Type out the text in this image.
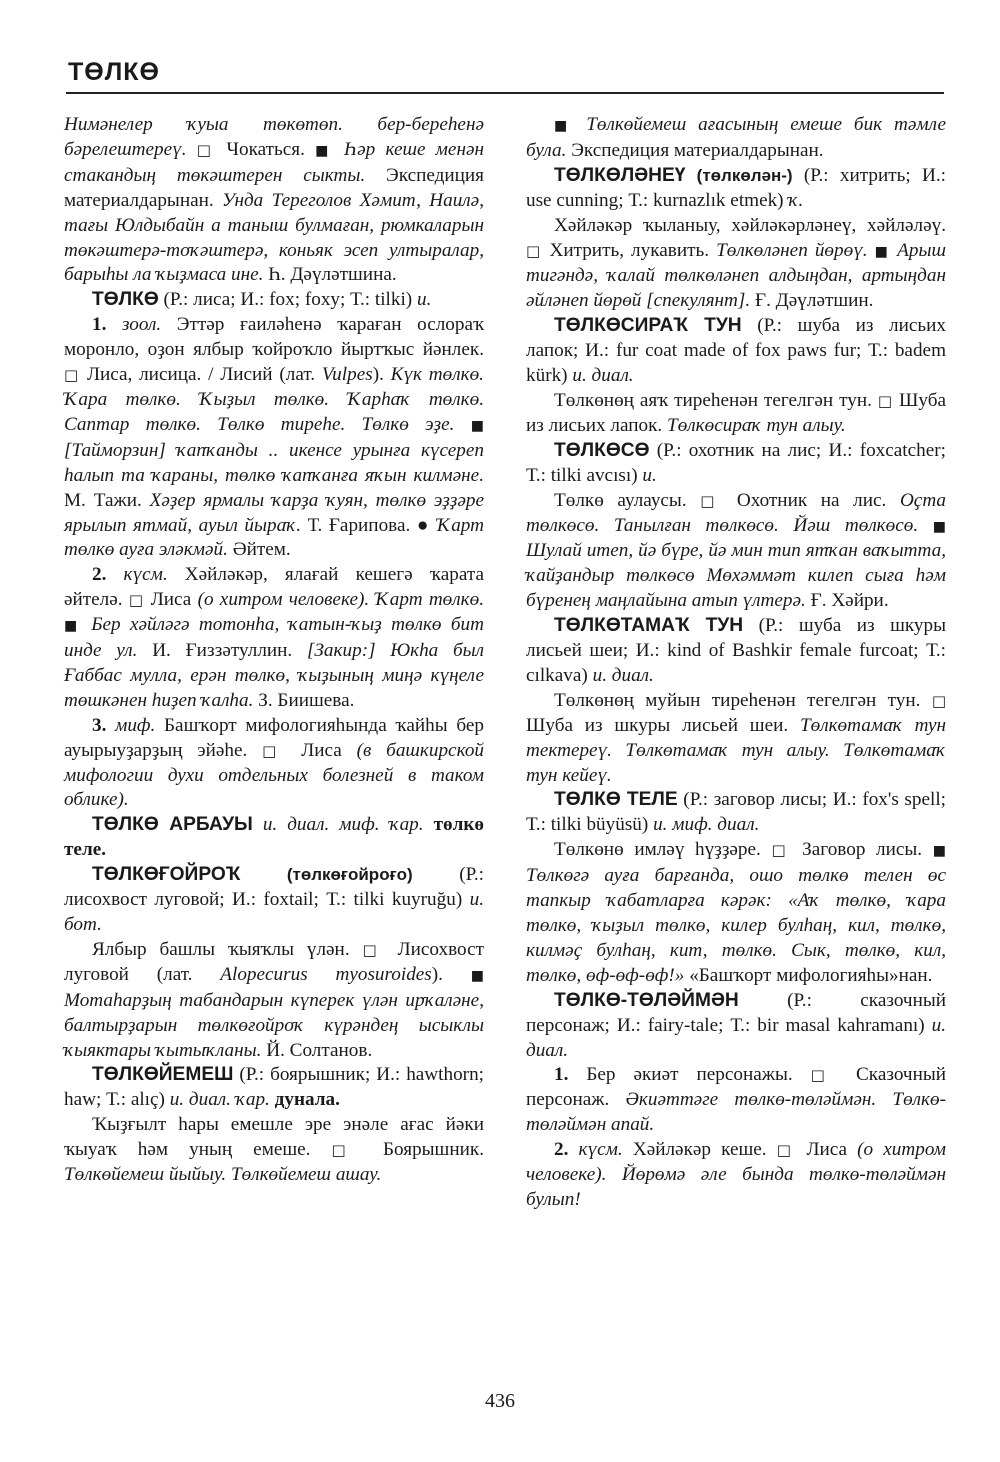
ТӨЛКӨ

Нимәнелер ҡуыа төкөтөп. бер-береhенә бәрелештереү. □ Чокаться. ■ Һәр кеше менән стакандың төкәштерен сыкты. Экспедиция материалдарынан. Унда Тереголов Хәмит, Наилә, тағы Юлдыбайн а таныш булмаған, рюмкаларын төкәштерә-тоҡәштерә, коньяк эсеп ултыралар, барыhы ла ҡыҙмаса ине. Һ. Дәүләтшина.

ТӨЛКӨ (Р.: лиса; И.: fox; foxy; Т.: tilki) и.

1. зоол. Эттәр ғаиләhенә ҡараған ослораҡ моронло, оҙон ялбыр ҡойроҡло йыртҡыс йәнлек. □ Лиса, лисица. / Лисий (лат. Vulpes). Күк төлкө. Ҡара төлкө. Ҡыҙыл төлкө. Ҡарhаҡ төлкө. Саптар төлкө. Төлкө тиреhе. Төлкө эҙе. ■ [Тайморзин] ҡапҡанды .. икенсе урынға күсереп hалып та ҡараны, төлкө ҡапҡанға яҡын килмәне. М. Тажи. Хәҙер ярмалы ҡарҙа ҡуян, төлкө эҙҙәре ярылып ятмай, ауыл йыраҡ. Т. Ғарипова. ● Ҡарт төлкө ауға эләкмәй. Әйтем.

2. күсм. Хәйләкәр, ялағай кешегә ҡарата әйтелә. □ Лиса (о хитром человеке). Ҡарт төлкө. ■ Бер хәйләгә тотонhа, ҡатын-ҡыҙ төлкө бит инде ул. И. Ғиззәтуллин. [Закир:] Юкhа был Ғаббас мулла, ерән төлкө, ҡыҙының миңә күңеле төшкәнен hиҙеп ҡалhа. З. Биишева.

3. миф. Башҡорт мифологияhында ҡайhы бер ауырыуҙарҙың эйәhе. □ Лиса (в башкирской мифологии духи отдельных болезней в таком облике).

ТӨЛКӨ АРБАУЫ и. диал. миф. ҡар. төлкө теле.

ТӨЛКӨҒОЙРОҠ (төлкөғойроғо) (Р.: лисохвост луговой; И.: foxtail; Т.: tilki kuyruğu) и. бот.

Ялбыр башлы ҡыяҡлы үлән. □ Лисохвост луговой (лат. Alopecurus myosuroides). ■ Мотаhарҙың табандарын күперек үлән ирҡаләне, балтырҙарын төлкөғойроҡ күрәндең ысыклы ҡыяктары ҡытыҡланы. Й. Солтанов.

ТӨЛКӨЙЕМЕШ (Р.: боярышник; И.: hawthorn; haw; Т.: alıç) и. диал. ҡар. дунала.

Ҡыҙғылт hары емешле эре энәле ағас йәки ҡыуаҡ hәм уның емеше. □ Боярышник. Төлкөйемеш йыйыу. Төлкөйемеш ашау.

■ Төлкөйемеш ағасының емеше бик тәмле була. Экспедиция материалдарынан.

ТӨЛКӨЛӘНЕҮ (төлкөлән-) (Р.: хитрить; И.: use cunning; Т.: kurnazlık etmek) ҡ.

Хәйләкәр ҡыланыу, хәйләкәрләнеү, хәйләләү. □ Хитрить, лукавить. Төлкөләнеп йөрөү. ■ Арыш тигәндә, ҡалай төлкөләнеп алдыңдан, артыңдан әйләнеп йөрөй [спекулянт]. Ғ. Дәүләтшин.

ТӨЛКӨСИРАҠ ТУН (Р.: шуба из лисьих лапок; И.: fur coat made of fox paws fur; Т.: badem kürk) и. диал.

Төлкөнөң аяҡ тиреhенән тегелгән тун. □ Шуба из лисьих лапок. Төлкөсираҡ тун алыу.

ТӨЛКӨСӨ (Р.: охотник на лис; И.: foxcatcher; Т.: tilki avcısı) и.

Төлкө аулаусы. □ Охотник на лис. Оҫта төлкөсө. Танылған төлкөсө. Йәш төлкөсө. ■ Шулай итеп, йә бүре, йә мин тип ятҡан ваҡытта, ҡайҙандыр төлкөсө Мөхәммәт килеп сыға hәм бүренең маңлайына атып үлтерә. Ғ. Хәйри.

ТӨЛКӨТАМАҠ ТУН (Р.: шуба из шкуры лисьей шеи; И.: kind of Bashkir female furcoat; Т.: cılkava) и. диал.

Төлкөнөң муйын тиреhенән тегелгән тун. □ Шуба из шкуры лисьей шеи. Төлкөтамаҡ тун тектереү. Төлкөтамаҡ тун алыу. Төлкөтамаҡ тун кейеү.

ТӨЛКӨ ТЕЛЕ (Р.: заговор лисы; И.: fox's spell; Т.: tilki büyüsü) и. миф. диал.

Төлкөнө имләү hүҙҙәре. □ Заговор лисы. ■ Төлкөгә ауға барғанда, ошо төлкө телен өс тапкыр ҡабатларға кәрәк: «Аҡ төлкө, ҡара төлкө, ҡыҙыл төлкө, килер булhаң, кил, төлкө, килмәҫ булhаң, кит, төлкө. Сык, төлкө, кил, төлкө, өф-өф-өф!» «Башҡорт мифологияhы»нан.

ТӨЛКӨ-ТӨЛӘЙМӘН (Р.: сказочный персонаж; И.: fairy-tale; Т.: bir masal kahramanı) и. диал.

1. Бер әкиәт персонажы. □ Сказочный персонаж. Әкиәттәге төлкө-төләймән. Төлкө-төләймән апай.

2. күсм. Хәйләкәр кеше. □ Лиса (о хитром человеке). Йөрөмә әле бында төлкө-төләймән булып!

436
